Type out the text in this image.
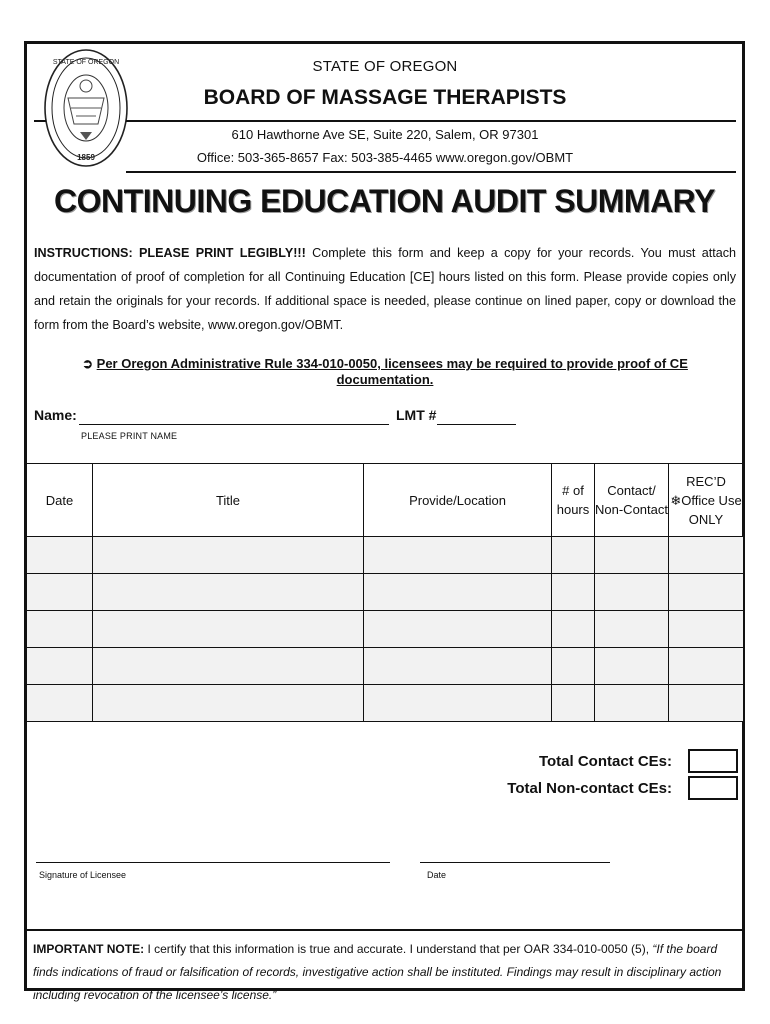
STATE OF OREGON
1859
STATE OF OREGON
BOARD OF MASSAGE THERAPISTS
610 Hawthorne Ave SE, Suite 220, Salem, OR 97301
Office: 503-365-8657 Fax: 503-385-4465 www.oregon.gov/OBMT
CONTINUING EDUCATION AUDIT SUMMARY
INSTRUCTIONS: PLEASE PRINT LEGIBLY!!! Complete this form and keep a copy for your records. You must attach documentation of proof of completion for all Continuing Education [CE] hours listed on this form. Please provide copies only and retain the originals for your records. If additional space is needed, please continue on lined paper, copy or download the form from the Board’s website, www.oregon.gov/OBMT.
➲ Per Oregon Administrative Rule 334-010-0050, licensees may be required to provide proof of CE documentation.
Name:	LMT #
PLEASE PRINT NAME
Date	Title	Provide/Location	# of hours	Contact/ Non-Contact	REC’D ❄Office Use ONLY

Total Contact CEs:
Total Non-contact CEs:
Signature of Licensee	Date
IMPORTANT NOTE: I certify that this information is true and accurate. I understand that per OAR 334-010-0050 (5), “If the board finds indications of fraud or falsification of records, investigative action shall be instituted. Findings may result in disciplinary action including revocation of the licensee’s license.”
